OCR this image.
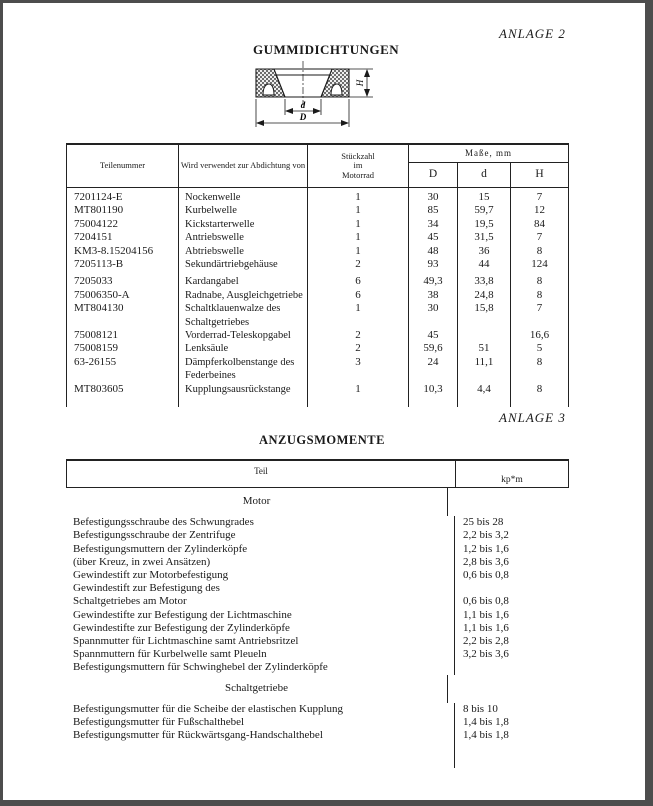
ANLAGE 2
GUMMIDICHTUNGEN
H
d
D
Teilenummer	Wird verwendet zur Abdichtung von	Stückzahl im Motorrad	Maße, mm		
			D	d	H
7201124-E	Nockenwelle	1	30	15	7
MT801190	Kurbelwelle	1	85	59,7	12
75004122	Kickstarterwelle	1	34	19,5	84
7204151	Antriebswelle	1	45	31,5	7
KM3-8.15204156	Abtriebswelle	1	48	36	8
7205113-B	Sekundärtriebgehäuse	2	93	44	124
7205033	Kardangabel	6	49,3	33,8	8
75006350-A	Radnabe, Ausgleichgetriebe	6	38	24,8	8
MT804130	Schaltklauenwalze des
Schaltgetriebes	1	30	15,8	7
75008121	Vorderrad-Teleskopgabel	2	45		16,6
75008159	Lenksäule	2	59,6	51	5
63-26155	Dämpferkolbenstange des
Federbeines	3	24	11,1	8
MT803605	Kupplungsausrückstange	1	10,3	4,4	8
ANLAGE 3
ANZUGSMOMENTE
Teil
kp*m
Motor
Befestigungsschraube des Schwungrades	25 bis 28
Befestigungsschraube der Zentrifuge	2,2 bis 3,2
Befestigungsmuttern der Zylinderköpfe	1,2 bis 1,6
(über Kreuz, in zwei Ansätzen)	2,8 bis 3,6
Gewindestift zur Motorbefestigung	0,6 bis 0,8
Gewindestift zur Befestigung des
Schaltgetriebes am Motor	0,6 bis 0,8
Gewindestifte zur Befestigung der Lichtmaschine	1,1 bis 1,6
Gewindestifte zur Befestigung der Zylinderköpfe	1,1 bis 1,6
Spannmutter für Lichtmaschine samt Antriebsritzel	2,2 bis 2,8
Spannmuttern für Kurbelwelle samt Pleueln	3,2 bis 3,6
Befestigungsmuttern für Schwinghebel der Zylinderköpfe
Schaltgetriebe
Befestigungsmutter für die Scheibe der elastischen Kupplung	8 bis 10
Befestigungsmutter für Fußschalthebel	1,4 bis 1,8
Befestigungsmutter für Rückwärtsgang-Handschalthebel	1,4 bis 1,8
